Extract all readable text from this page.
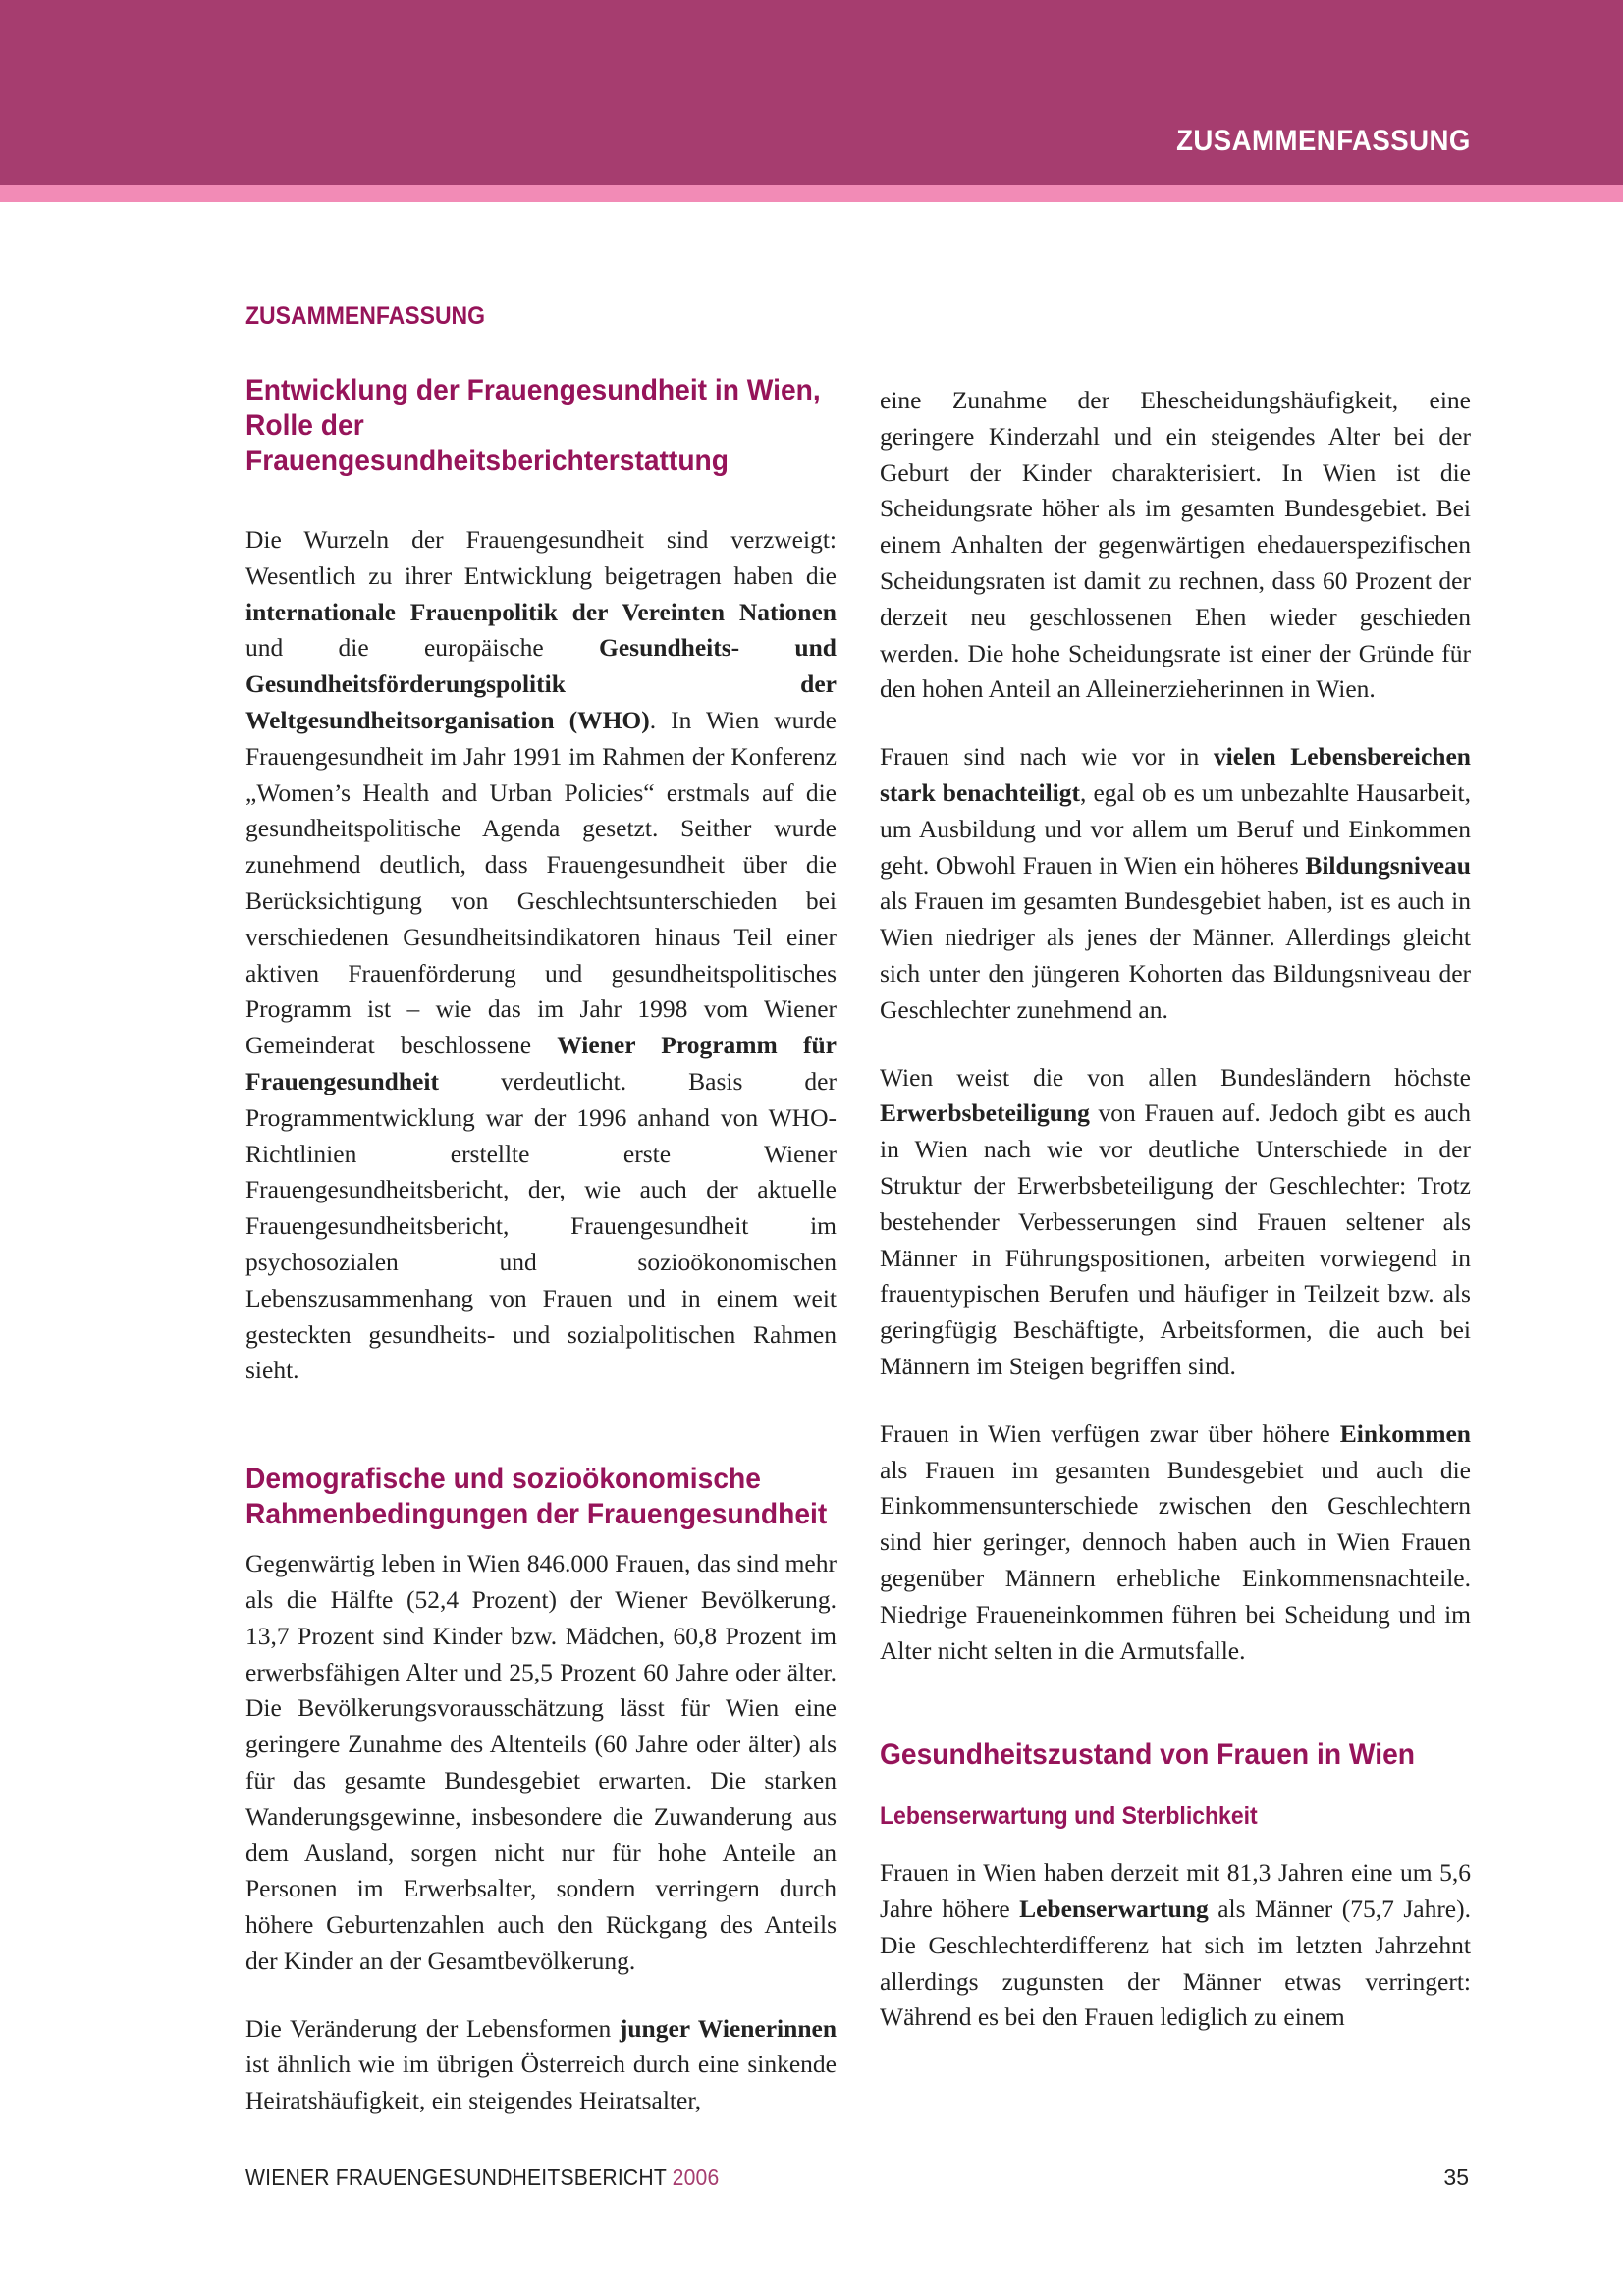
ZUSAMMENFASSUNG
ZUSAMMENFASSUNG
Entwicklung der Frauengesundheit in Wien, Rolle der Frauengesundheitsberichterstattung

Die Wurzeln der Frauengesundheit sind verzweigt: Wesentlich zu ihrer Entwicklung beigetragen haben die internationale Frauenpolitik der Vereinten Nationen und die europäische Gesundheits- und Gesundheitsförderungspolitik der Weltgesundheitsorganisation (WHO). In Wien wurde Frauengesundheit im Jahr 1991 im Rahmen der Konferenz „Women’s Health and Urban Policies“ erstmals auf die gesundheitspolitische Agenda gesetzt. Seither wurde zunehmend deutlich, dass Frauengesundheit über die Berücksichtigung von Geschlechtsunterschieden bei verschiedenen Gesundheitsindikatoren hinaus Teil einer aktiven Frauenförderung und gesundheitspolitisches Programm ist – wie das im Jahr 1998 vom Wiener Gemeinderat beschlossene Wiener Programm für Frauengesundheit verdeutlicht. Basis der Programmentwicklung war der 1996 anhand von WHO-Richtlinien erstellte erste Wiener Frauengesundheitsbericht, der, wie auch der aktuelle Frauengesundheitsbericht, Frauengesundheit im psychosozialen und sozioökonomischen Lebenszusammenhang von Frauen und in einem weit gesteckten gesundheits- und sozialpolitischen Rahmen sieht.

Demografische und sozioökonomische Rahmenbedingungen der Frauengesundheit

Gegenwärtig leben in Wien 846.000 Frauen, das sind mehr als die Hälfte (52,4 Prozent) der Wiener Bevölkerung. 13,7 Prozent sind Kinder bzw. Mädchen, 60,8 Prozent im erwerbsfähigen Alter und 25,5 Prozent 60 Jahre oder älter. Die Bevölkerungsvorausschätzung lässt für Wien eine geringere Zunahme des Altenteils (60 Jahre oder älter) als für das gesamte Bundesgebiet erwarten. Die starken Wanderungsgewinne, insbesondere die Zuwanderung aus dem Ausland, sorgen nicht nur für hohe Anteile an Personen im Erwerbsalter, sondern verringern durch höhere Geburtenzahlen auch den Rückgang des Anteils der Kinder an der Gesamtbevölkerung.

Die Veränderung der Lebensformen junger Wienerinnen ist ähnlich wie im übrigen Österreich durch eine sinkende Heiratshäufigkeit, ein steigendes Heiratsalter,

eine Zunahme der Ehescheidungshäufigkeit, eine geringere Kinderzahl und ein steigendes Alter bei der Geburt der Kinder charakterisiert. In Wien ist die Scheidungsrate höher als im gesamten Bundesgebiet. Bei einem Anhalten der gegenwärtigen ehedauerspezifischen Scheidungsraten ist damit zu rechnen, dass 60 Prozent der derzeit neu geschlossenen Ehen wieder geschieden werden. Die hohe Scheidungsrate ist einer der Gründe für den hohen Anteil an Alleinerzieherinnen in Wien.

Frauen sind nach wie vor in vielen Lebensbereichen stark benachteiligt, egal ob es um unbezahlte Hausarbeit, um Ausbildung und vor allem um Beruf und Einkommen geht. Obwohl Frauen in Wien ein höheres Bildungsniveau als Frauen im gesamten Bundesgebiet haben, ist es auch in Wien niedriger als jenes der Männer. Allerdings gleicht sich unter den jüngeren Kohorten das Bildungsniveau der Geschlechter zunehmend an.

Wien weist die von allen Bundesländern höchste Erwerbsbeteiligung von Frauen auf. Jedoch gibt es auch in Wien nach wie vor deutliche Unterschiede in der Struktur der Erwerbsbeteiligung der Geschlechter: Trotz bestehender Verbesserungen sind Frauen seltener als Männer in Führungspositionen, arbeiten vorwiegend in frauentypischen Berufen und häufiger in Teilzeit bzw. als geringfügig Beschäftigte, Arbeitsformen, die auch bei Männern im Steigen begriffen sind.

Frauen in Wien verfügen zwar über höhere Einkommen als Frauen im gesamten Bundesgebiet und auch die Einkommensunterschiede zwischen den Geschlechtern sind hier geringer, dennoch haben auch in Wien Frauen gegenüber Männern erhebliche Einkommensnachteile. Niedrige Fraueneinkommen führen bei Scheidung und im Alter nicht selten in die Armutsfalle.

Gesundheitszustand von Frauen in Wien
Lebenserwartung und Sterblichkeit

Frauen in Wien haben derzeit mit 81,3 Jahren eine um 5,6 Jahre höhere Lebenserwartung als Männer (75,7 Jahre). Die Geschlechterdifferenz hat sich im letzten Jahrzehnt allerdings zugunsten der Männer etwas verringert: Während es bei den Frauen lediglich zu einem

WIENER FRAUENGESUNDHEITSBERICHT 2006	35
